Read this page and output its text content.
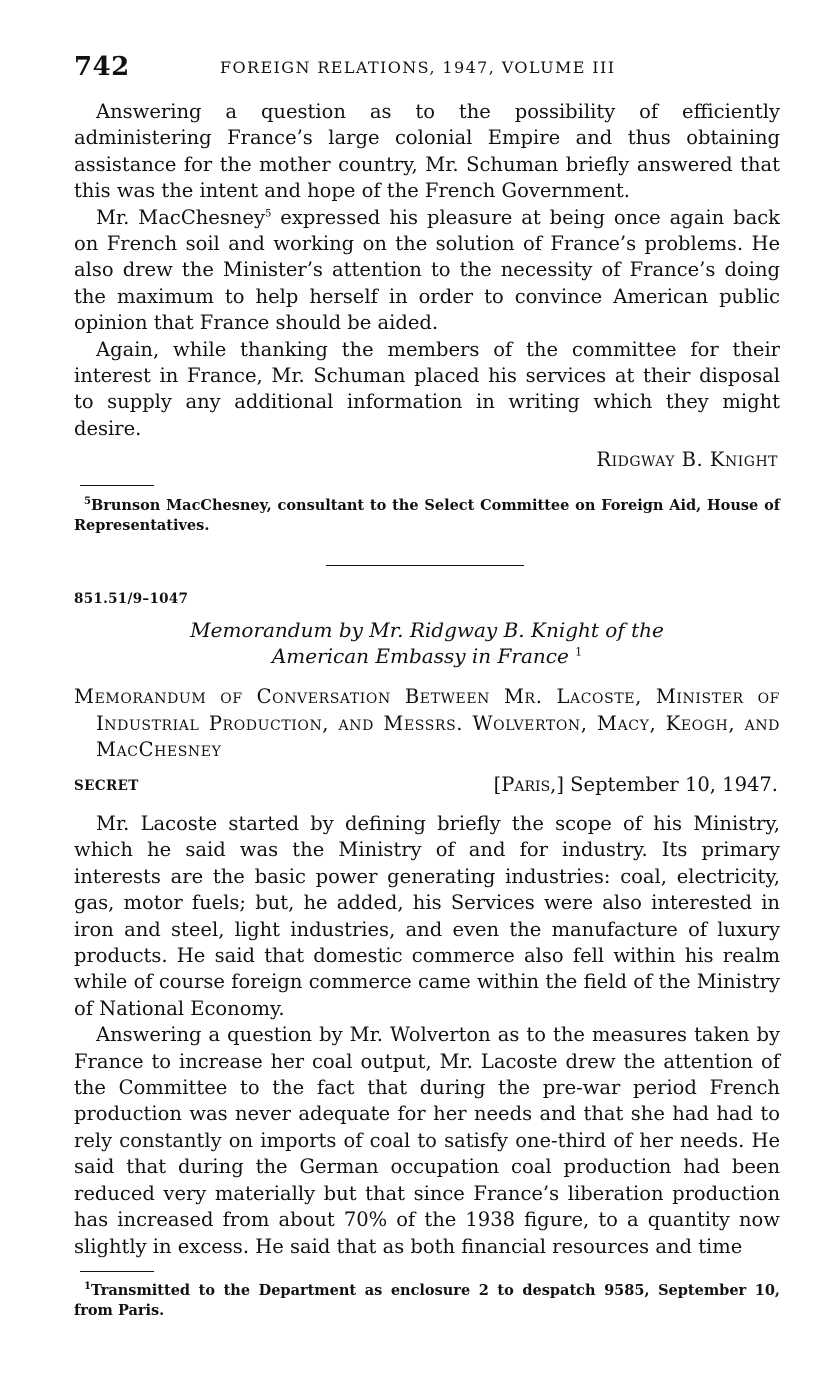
742	FOREIGN RELATIONS, 1947, VOLUME III

Answering a question as to the possibility of efficiently administering France’s large colonial Empire and thus obtaining assistance for the mother country, Mr. Schuman briefly answered that this was the intent and hope of the French Government.

Mr. MacChesney$^5$ expressed his pleasure at being once again back on French soil and working on the solution of France’s problems. He also drew the Minister’s attention to the necessity of France’s doing the maximum to help herself in order to convince American public opinion that France should be aided.

Again, while thanking the members of the committee for their interest in France, Mr. Schuman placed his services at their disposal to supply any additional information in writing which they might desire.

Ridgway B. Knight
$^5$Brunson MacChesney, consultant to the Select Committee on Foreign Aid, House of Representatives.
851.51/9–1047
Memorandum by Mr. Ridgway B. Knight of the
American Embassy in France $^1$
Memorandum of Conversation Between Mr. Lacoste, Minister of Industrial Production, and Messrs. Wolverton, Macy, Keogh, and MacChesney
SECRET	[Paris,] September 10, 1947.

Mr. Lacoste started by defining briefly the scope of his Ministry, which he said was the Ministry of and for industry. Its primary interests are the basic power generating industries: coal, electricity, gas, motor fuels; but, he added, his Services were also interested in iron and steel, light industries, and even the manufacture of luxury products. He said that domestic commerce also fell within his realm while of course foreign commerce came within the field of the Ministry of National Economy.

Answering a question by Mr. Wolverton as to the measures taken by France to increase her coal output, Mr. Lacoste drew the attention of the Committee to the fact that during the pre-war period French production was never adequate for her needs and that she had had to rely constantly on imports of coal to satisfy one-third of her needs. He said that during the German occupation coal production had been reduced very materially but that since France’s liberation production has increased from about 70% of the 1938 figure, to a quantity now slightly in excess. He said that as both financial resources and time

$^1$Transmitted to the Department as enclosure 2 to despatch 9585, September 10, from Paris.
